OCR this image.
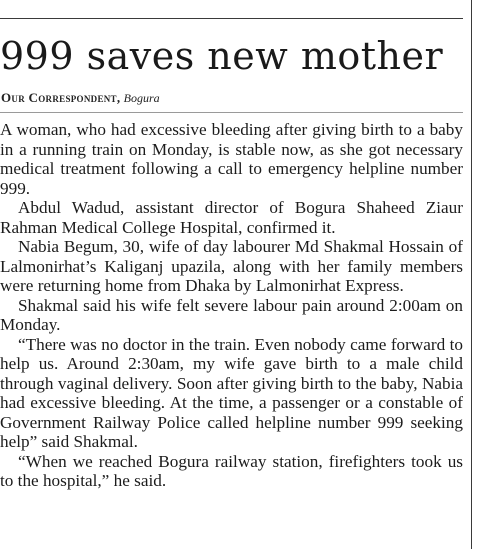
999 saves new mother
Our Correspondent, Bogura

A woman, who had excessive bleeding after giving birth to a baby in a running train on Monday, is stable now, as she got necessary medical treatment following a call to emergency helpline number 999.

Abdul Wadud, assistant director of Bogura Shaheed Ziaur Rahman Medical College Hospital, confirmed it.

Nabia Begum, 30, wife of day labourer Md Shakmal Hossain of Lalmonirhat’s Kaliganj upazila, along with her family members were returning home from Dhaka by Lalmonirhat Express.

Shakmal said his wife felt severe labour pain around 2:00am on Monday.

“There was no doctor in the train. Even nobody came forward to help us. Around 2:30am, my wife gave birth to a male child through vaginal delivery. Soon after giving birth to the baby, Nabia had excessive bleeding. At the time, a passenger or a constable of Government Railway Police called helpline number 999 seeking help” said Shakmal.

“When we reached Bogura railway station, firefighters took us to the hospital,” he said.
